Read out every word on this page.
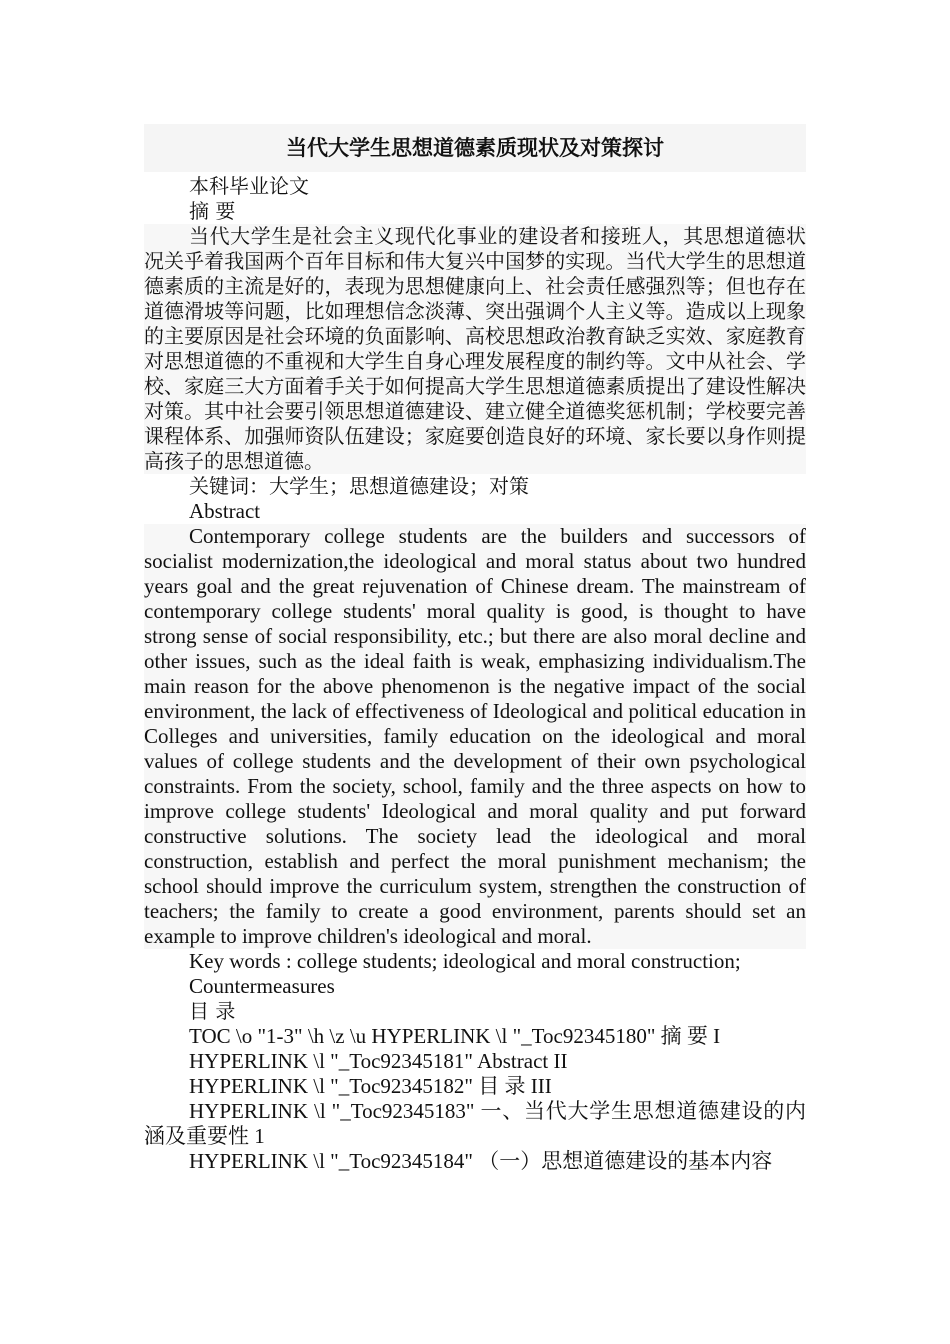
当代大学生思想道德素质现状及对策探讨

本科毕业论文

摘 要

当代大学生是社会主义现代化事业的建设者和接班人，其思想道德状况关乎着我国两个百年目标和伟大复兴中国梦的实现。当代大学生的思想道德素质的主流是好的，表现为思想健康向上、社会责任感强烈等；但也存在道德滑坡等问题，比如理想信念淡薄、突出强调个人主义等。造成以上现象的主要原因是社会环境的负面影响、高校思想政治教育缺乏实效、家庭教育对思想道德的不重视和大学生自身心理发展程度的制约等。文中从社会、学校、家庭三大方面着手关于如何提高大学生思想道德素质提出了建设性解决对策。其中社会要引领思想道德建设、建立健全道德奖惩机制；学校要完善课程体系、加强师资队伍建设；家庭要创造良好的环境、家长要以身作则提高孩子的思想道德。

关键词：大学生；思想道德建设；对策

Abstract

Contemporary college students are the builders and successors of socialist modernization,the ideological and moral status about two hundred years goal and the great rejuvenation of Chinese dream. The mainstream of contemporary college students' moral quality is good, is thought to have strong sense of social responsibility, etc.; but there are also moral decline and other issues, such as the ideal faith is weak, emphasizing individualism.The main reason for the above phenomenon is the negative impact of the social environment, the lack of effectiveness of Ideological and political education in Colleges and universities, family education on the ideological and moral values of college students and the development of their own psychological constraints. From the society, school, family and the three aspects on how to improve college students' Ideological and moral quality and put forward constructive solutions. The society lead the ideological and moral construction, establish and perfect the moral punishment mechanism; the school should improve the curriculum system, strengthen the construction of teachers; the family to create a good environment, parents should set an example to improve children's ideological and moral.

Key words : college students; ideological and moral construction;

Countermeasures

目 录

TOC \o "1-3" \h \z \u HYPERLINK \l "_Toc92345180" 摘 要 I

HYPERLINK \l "_Toc92345181" Abstract II

HYPERLINK \l "_Toc92345182" 目 录 III

HYPERLINK \l "_Toc92345183" 一、当代大学生思想道德建设的内涵及重要性 1

HYPERLINK \l "_Toc92345184" （一）思想道德建设的基本内容
